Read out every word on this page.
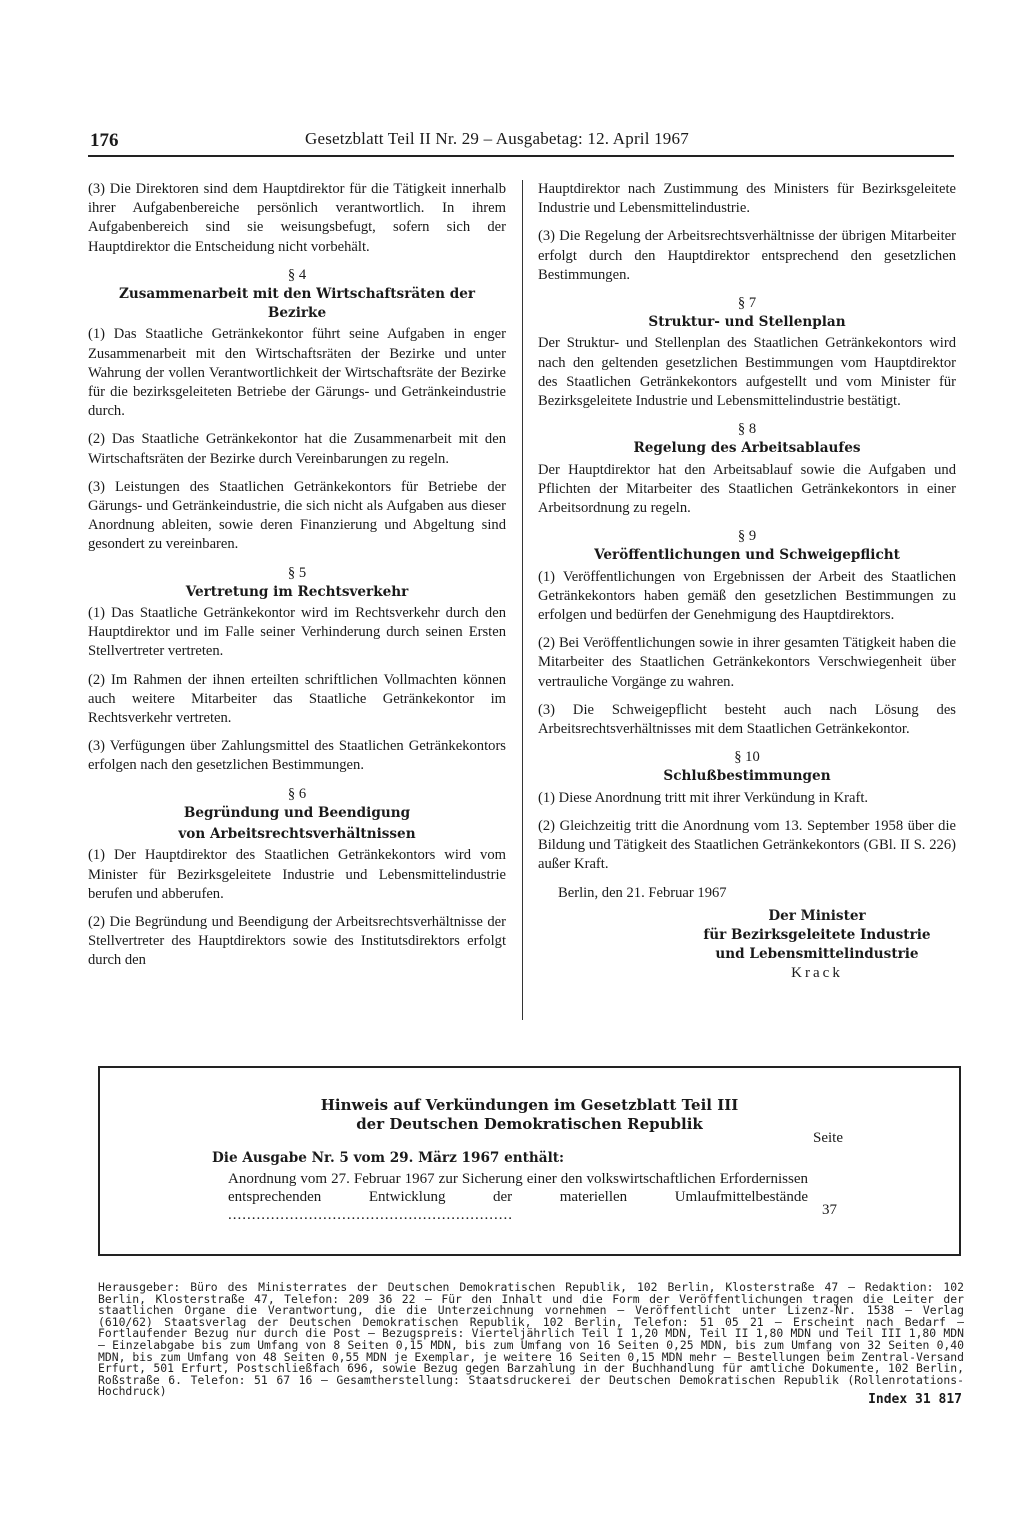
176	Gesetzblatt Teil II Nr. 29 – Ausgabetag: 12. April 1967

(3) Die Direktoren sind dem Hauptdirektor für die Tätigkeit innerhalb ihrer Aufgabenbereiche persönlich verantwortlich. In ihrem Aufgabenbereich sind sie weisungsbefugt, sofern sich der Hauptdirektor die Entscheidung nicht vorbehält.

§ 4
Zusammenarbeit mit den Wirtschaftsräten der Bezirke

(1) Das Staatliche Getränkekontor führt seine Aufgaben in enger Zusammenarbeit mit den Wirtschaftsräten der Bezirke und unter Wahrung der vollen Verantwortlichkeit der Wirtschaftsräte der Bezirke für die bezirksgeleiteten Betriebe der Gärungs- und Getränkeindustrie durch.

(2) Das Staatliche Getränkekontor hat die Zusammenarbeit mit den Wirtschaftsräten der Bezirke durch Vereinbarungen zu regeln.

(3) Leistungen des Staatlichen Getränkekontors für Betriebe der Gärungs- und Getränkeindustrie, die sich nicht als Aufgaben aus dieser Anordnung ableiten, sowie deren Finanzierung und Abgeltung sind gesondert zu vereinbaren.

§ 5
Vertretung im Rechtsverkehr

(1) Das Staatliche Getränkekontor wird im Rechtsverkehr durch den Hauptdirektor und im Falle seiner Verhinderung durch seinen Ersten Stellvertreter vertreten.

(2) Im Rahmen der ihnen erteilten schriftlichen Vollmachten können auch weitere Mitarbeiter das Staatliche Getränkekontor im Rechtsverkehr vertreten.

(3) Verfügungen über Zahlungsmittel des Staatlichen Getränkekontors erfolgen nach den gesetzlichen Bestimmungen.

§ 6
Begründung und Beendigung
von Arbeitsrechtsverhältnissen

(1) Der Hauptdirektor des Staatlichen Getränkekontors wird vom Minister für Bezirksgeleitete Industrie und Lebensmittelindustrie berufen und abberufen.

(2) Die Begründung und Beendigung der Arbeitsrechtsverhältnisse der Stellvertreter des Hauptdirektors sowie des Institutsdirektors erfolgt durch den

Hauptdirektor nach Zustimmung des Ministers für Bezirksgeleitete Industrie und Lebensmittelindustrie.

(3) Die Regelung der Arbeitsrechtsverhältnisse der übrigen Mitarbeiter erfolgt durch den Hauptdirektor entsprechend den gesetzlichen Bestimmungen.

§ 7
Struktur- und Stellenplan

Der Struktur- und Stellenplan des Staatlichen Getränkekontors wird nach den geltenden gesetzlichen Bestimmungen vom Hauptdirektor des Staatlichen Getränkekontors aufgestellt und vom Minister für Bezirksgeleitete Industrie und Lebensmittelindustrie bestätigt.

§ 8
Regelung des Arbeitsablaufes

Der Hauptdirektor hat den Arbeitsablauf sowie die Aufgaben und Pflichten der Mitarbeiter des Staatlichen Getränkekontors in einer Arbeitsordnung zu regeln.

§ 9
Veröffentlichungen und Schweigepflicht

(1) Veröffentlichungen von Ergebnissen der Arbeit des Staatlichen Getränkekontors haben gemäß den gesetzlichen Bestimmungen zu erfolgen und bedürfen der Genehmigung des Hauptdirektors.

(2) Bei Veröffentlichungen sowie in ihrer gesamten Tätigkeit haben die Mitarbeiter des Staatlichen Getränkekontors Verschwiegenheit über vertrauliche Vorgänge zu wahren.

(3) Die Schweigepflicht besteht auch nach Lösung des Arbeitsrechtsverhältnisses mit dem Staatlichen Getränkekontor.

§ 10
Schlußbestimmungen

(1) Diese Anordnung tritt mit ihrer Verkündung in Kraft.

(2) Gleichzeitig tritt die Anordnung vom 13. September 1958 über die Bildung und Tätigkeit des Staatlichen Getränkekontors (GBl. II S. 226) außer Kraft.

Berlin, den 21. Februar 1967
Der Minister
für Bezirksgeleitete Industrie
und Lebensmittelindustrie
Krack
Hinweis auf Verkündungen im Gesetzblatt Teil III
der Deutschen Demokratischen Republik
Seite
Die Ausgabe Nr. 5 vom 29. März 1967 enthält:
Anordnung vom 27. Februar 1967 zur Sicherung einer den volkswirtschaftlichen Erfordernissen entsprechenden Entwicklung der materiellen Umlaufmittelbestände ............................................................	37
Herausgeber: Büro des Ministerrates der Deutschen Demokratischen Republik, 102 Berlin, Klosterstraße 47 – Redaktion: 102 Berlin, Klosterstraße 47, Telefon: 209 36 22 – Für den Inhalt und die Form der Veröffentlichungen tragen die Leiter der staatlichen Organe die Verantwortung, die die Unterzeichnung vornehmen – Veröffentlicht unter Lizenz-Nr. 1538 – Verlag (610/62) Staatsverlag der Deutschen Demokratischen Republik, 102 Berlin, Telefon: 51 05 21 – Erscheint nach Bedarf – Fortlaufender Bezug nur durch die Post – Bezugspreis: Vierteljährlich Teil I 1,20 MDN, Teil II 1,80 MDN und Teil III 1,80 MDN – Einzelabgabe bis zum Umfang von 8 Seiten 0,15 MDN, bis zum Umfang von 16 Seiten 0,25 MDN, bis zum Umfang von 32 Seiten 0,40 MDN, bis zum Umfang von 48 Seiten 0,55 MDN je Exemplar, je weitere 16 Seiten 0,15 MDN mehr – Bestellungen beim Zentral-Versand Erfurt, 501 Erfurt, Postschließfach 696, sowie Bezug gegen Barzahlung in der Buchhandlung für amtliche Dokumente, 102 Berlin, Roßstraße 6. Telefon: 51 67 16 – Gesamtherstellung: Staatsdruckerei der Deutschen Demokratischen Republik (Rollenrotations-Hochdruck)
Index 31 817
